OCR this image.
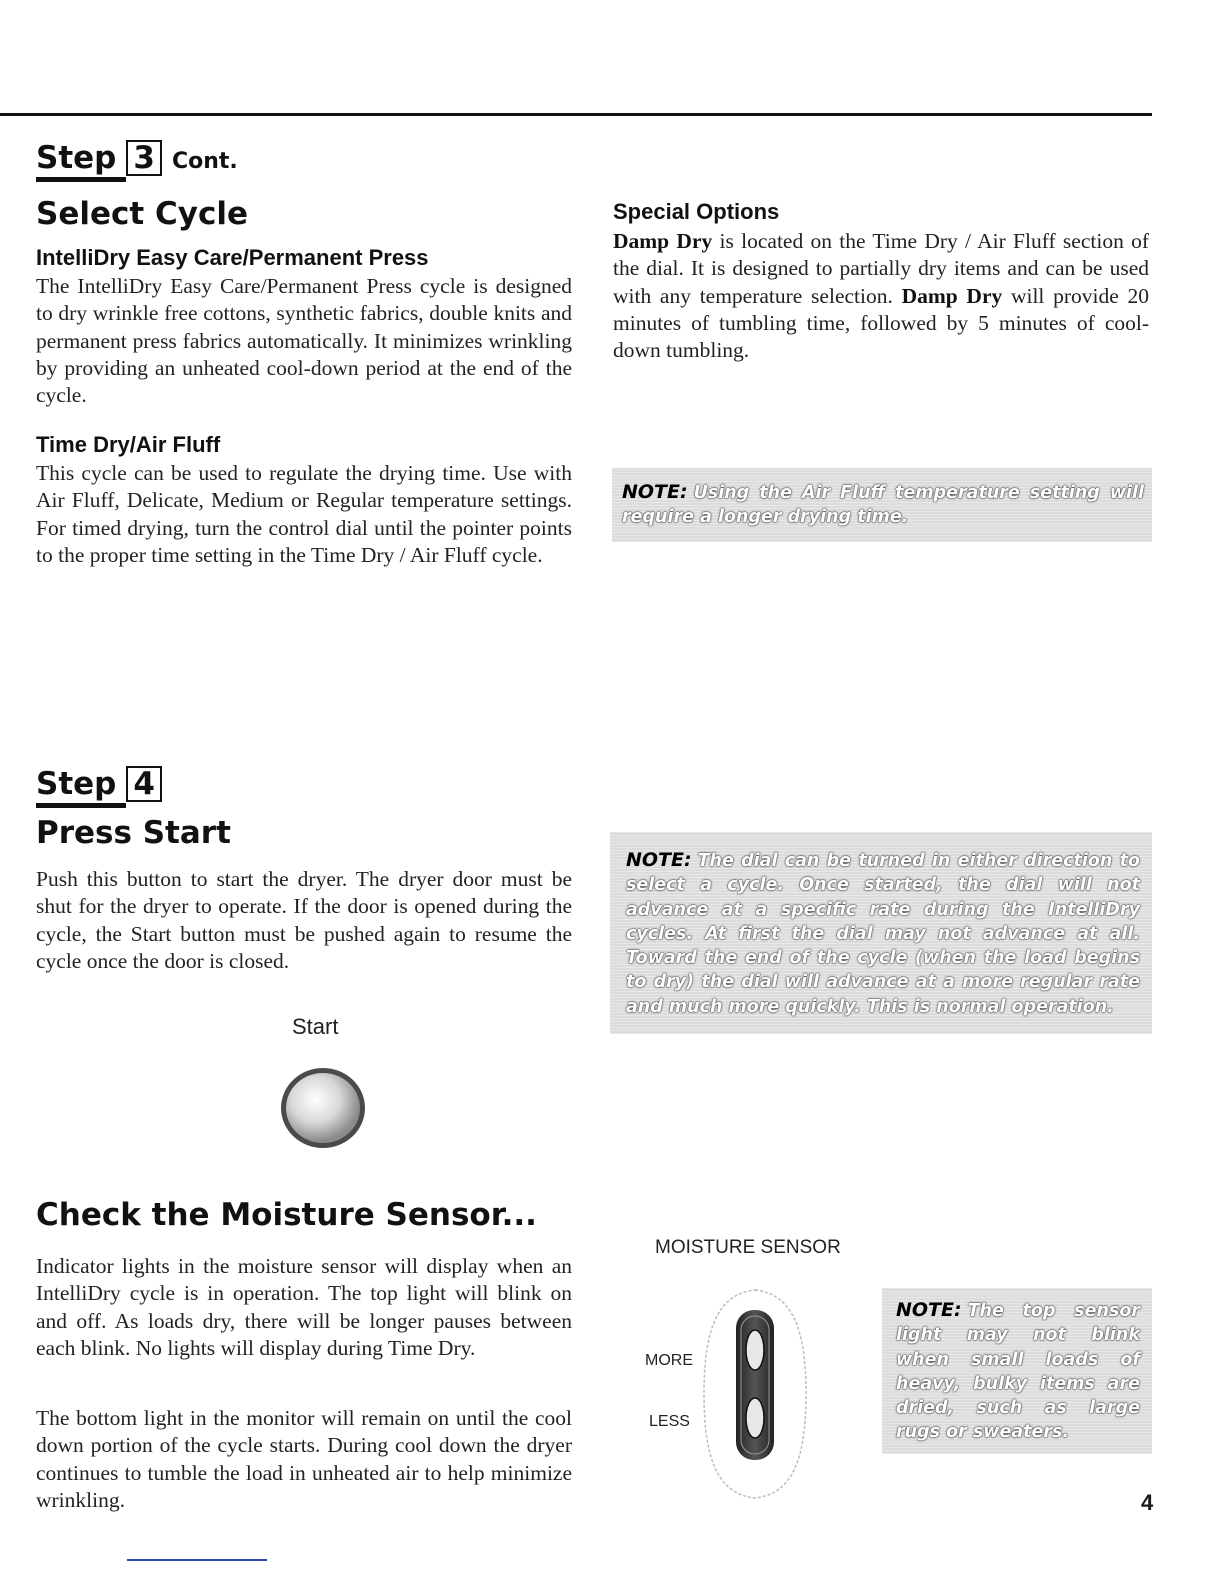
Step 3 Cont.
Select Cycle
IntelliDry Easy Care/Permanent Press
The IntelliDry Easy Care/Permanent Press cycle is designed to dry wrinkle free cottons, synthetic fabrics, double knits and permanent press fabrics automatically. It minimizes wrinkling by providing an unheated cool-down period at the end of the cycle.
Time Dry/Air Fluff
This cycle can be used to regulate the drying time. Use with Air Fluff, Delicate, Medium or Regular temperature settings. For timed drying, turn the control dial until the pointer points to the proper time setting in the Time Dry / Air Fluff cycle.
Special Options
Damp Dry is located on the Time Dry / Air Fluff section of the dial. It is designed to partially dry items and can be used with any temperature selection. Damp Dry will provide 20 minutes of tumbling time, followed by 5 minutes of cool-down tumbling.
NOTE: Using the Air Fluff temperature setting will require a longer drying time.
Step 4
Press Start
Push this button to start the dryer. The dryer door must be shut for the dryer to operate. If the door is opened during the cycle, the Start button must be pushed again to resume the cycle once the door is closed.
Start
NOTE: The dial can be turned in either direction to select a cycle. Once started, the dial will not advance at a specific rate during the IntelliDry cycles. At first the dial may not advance at all. Toward the end of the cycle (when the load begins to dry) the dial will advance at a more regular rate and much more quickly. This is normal operation.
Check the Moisture Sensor...
Indicator lights in the moisture sensor will display when an IntelliDry cycle is in operation. The top light will blink on and off. As loads dry, there will be longer pauses between each blink. No lights will display during Time Dry.
The bottom light in the monitor will remain on until the cool down portion of the cycle starts. During cool down the dryer continues to tumble the load in unheated air to help minimize wrinkling.
MOISTURE SENSOR
MORE
LESS
NOTE: The top sensor light may not blink when small loads of heavy, bulky items are dried, such as large rugs or sweaters.
4
